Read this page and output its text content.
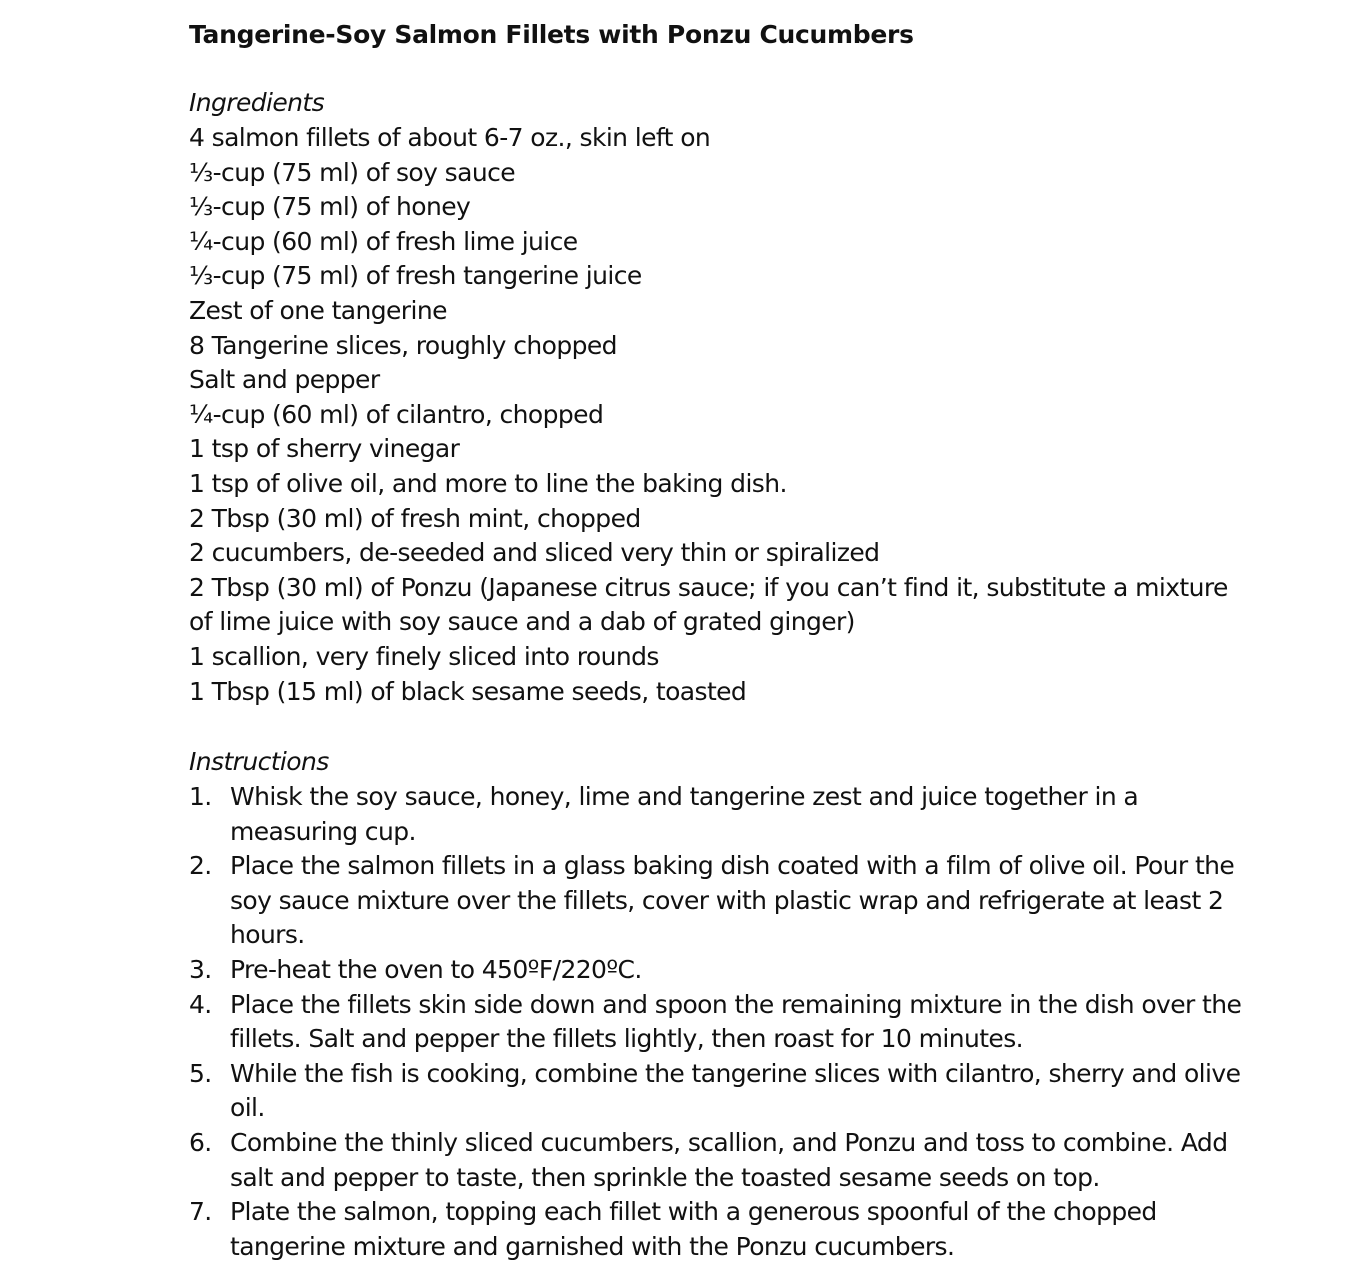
Tangerine-Soy Salmon Fillets with Ponzu Cucumbers
Ingredients
4 salmon fillets of about 6-7 oz., skin left on
⅓-cup (75 ml) of soy sauce
⅓-cup (75 ml) of honey
¼-cup (60 ml) of fresh lime juice
⅓-cup (75 ml) of fresh tangerine juice
Zest of one tangerine
8 Tangerine slices, roughly chopped
Salt and pepper
¼-cup (60 ml) of cilantro, chopped
1 tsp of sherry vinegar
1 tsp of olive oil, and more to line the baking dish.
2 Tbsp (30 ml) of fresh mint, chopped
2 cucumbers, de-seeded and sliced very thin or spiralized
2 Tbsp (30 ml) of Ponzu (Japanese citrus sauce; if you can’t find it, substitute a mixture of lime juice with soy sauce and a dab of grated ginger)
1 scallion, very finely sliced into rounds
1 Tbsp (15 ml) of black sesame seeds, toasted
Instructions
1. Whisk the soy sauce, honey, lime and tangerine zest and juice together in a measuring cup.
2. Place the salmon fillets in a glass baking dish coated with a film of olive oil. Pour the soy sauce mixture over the fillets, cover with plastic wrap and refrigerate at least 2 hours.
3. Pre-heat the oven to 450ºF/220ºC.
4. Place the fillets skin side down and spoon the remaining mixture in the dish over the fillets. Salt and pepper the fillets lightly, then roast for 10 minutes.
5. While the fish is cooking, combine the tangerine slices with cilantro, sherry and olive oil.
6. Combine the thinly sliced cucumbers, scallion, and Ponzu and toss to combine. Add salt and pepper to taste, then sprinkle the toasted sesame seeds on top.
7. Plate the salmon, topping each fillet with a generous spoonful of the chopped tangerine mixture and garnished with the Ponzu cucumbers.
